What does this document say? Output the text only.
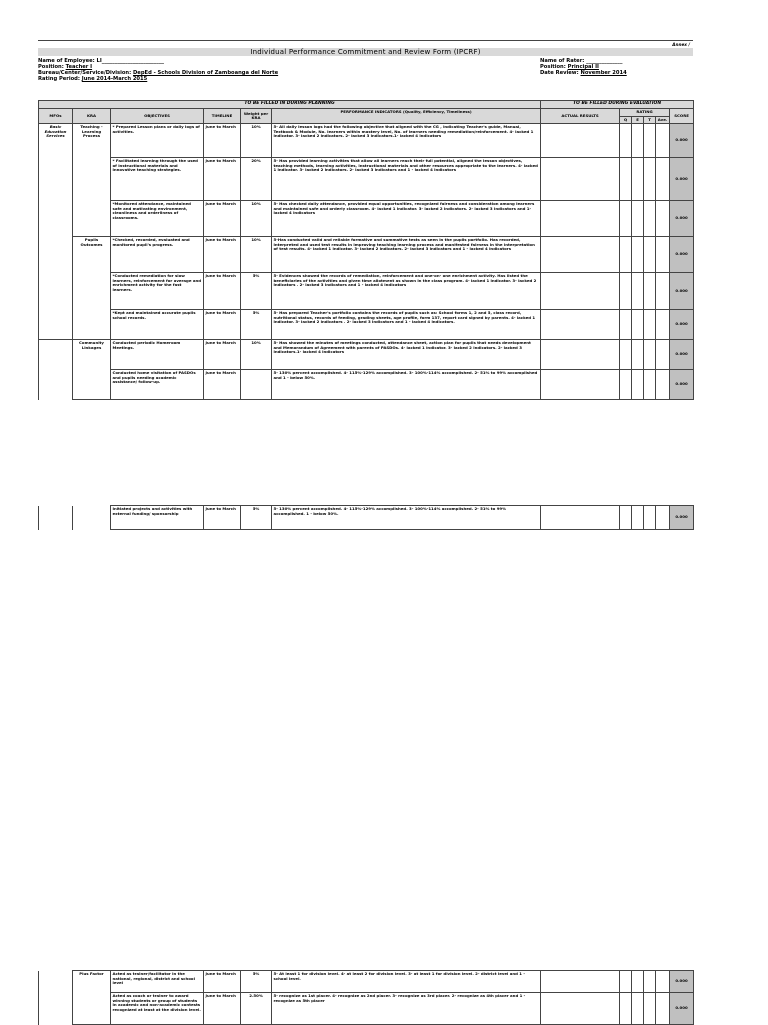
Annex /
Individual Performance Commitment and Review Form (IPCRF)
Name of Employee: LI________________________
Position: Teacher I
Bureau/Center/Service/Division: DepEd - Schools Division of Zamboanga del Norte
Rating Period: June 2014-March 2015
Name of Rater: ______________
Position: Principal II
Date Review: November 2014
TO BE FILLED IN DURING PLANNING						TO BE FILLED DURING EVALUATION					
MFOs	KRA	OBJECTIVES	TIMELINE	Weight per KRA	PERFORMANCE INDICATORS (Quality, Efficiency, Timeliness)	ACTUAL RESULTS	RATING				SCORE
							Q	E	T	Ave.	
Basic Education Services	Teaching -Learning Process	* Prepared Lesson plans or daily logs of activities.	June to March	10%	5- All daily lesson logs had the following objective that aligned with the CG , indicating Teacher's guide, Manual, Textbook & Module, No. learners within mastery level, No. of learners needing remediation/reinforcement. 4- lacked 1 indicator. 3- lacked 2 indicators. 2- lacked 3 indicators.1- lacked 4 indicators						0.000
		* Facilitated learning through the used of instructional materials and innovative teaching strategies.	June to March	20%	5- Has provided learning activities that allow all learners reach their full potential, aligned the lesson objectives, teaching methods, learning activities, instructional materials and other resources appropriate to the learners. 4- lacked 1 indicator. 3- lacked 2 indicators. 2- lacked 3 indicators and 1 - lacked 4 indicators						0.000
		*Monitored attendance, maintained safe and motivating environment, cleanliness and orderliness of classrooms.	June to March	10%	5- Has checked daily attendance, provided equal opportunities, recognized fairness and consideration among learners and maintained safe and orderly classroom. 4- lacked 1 indicator. 3- lacked 2 indicators. 2- lacked 3 indicators and 1- lacked 4 indicators						0.000
	Pupils Outcomes	*Checked, recorded, evaluated and monitored pupil's progress.	June to March	10%	5-Has conducted valid and reliable formative and summative tests as seen in the pupils portfolio. Has recorded, interpreted and used test results in improving teaching learning process and manifested fairness in the interpretation of test results. 4- lacked 1 indicator. 3- lacked 2 indicators. 2- lacked 3 indicators and 1 - lacked 4 indicators						0.000
		*Conducted remediation for slow learners, reinforcement for average and enrichment activity for the fast learners.	June to March	5%	5- Evidences showed the records of remediation, reinforcement and one-on- one enrichment activity. Has listed the beneficiaries of the activities and given time allotment as shown in the class program. 4- lacked 1 indicator. 3- lacked 2 indicators . 2- lacked 3 indicators and 1 - lacked 4 indicators						0.000
		*Kept and maintained accurate pupils school records.	June to March	5%	5- Has prepared Teacher's portfolio contains the records of pupils such as: School forms 1, 2 and 5, class record, nutritional status, records of feeding, grading sheets, age profile, form 137, report card signed by parents. 4- lacked 1 indicator. 3- lacked 2 indicators . 2- lacked 3 indicators and 1 - lacked 4 indicators.						0.000
	Community Linkages	Conducted periodic Homeroom Meetings.	June to March	10%	5- Has showed the minutes of meetings conducted, attendance sheet, action plan for pupils that needs development and Memorandum of Agreement with parents of PASDOs. 4- lacked 1 indicator. 3- lacked 2 indicators. 2- lacked 3 indicators.1- lacked 4 indicators						0.000
		Conducted home visitation of PASDOs and pupils needing academic assistance/ follow-up.	June to March		5- 130% percent accomplished. 4- 115%-129% accomplished. 3- 100%-114% accomplished. 2- 51% to 99% accomplished and 1 - below 50%.						0.000
		Initiated projects and activities with external funding/ sponsorship	June to March	5%	5- 130% percent accomplished. 4- 115%-129% accomplished. 3- 100%-114% accomplished. 2- 51% to 99% accomplished. 1 - below 50%.						0.000
	Plus Factor	Acted as trainer/facilitator in the national, regional, district and school level	June to March	5%	5- At least 1 for division level. 4- at least 2 for division level. 3- at least 1 for division level. 2- district level and 1 - school level.						0.000
		Acted as coach or trainer to award winning students or group of students in academic and non-academic contests recognized at least at the division level.	June to March	2.50%	5- recognize as 1st placer. 4- recognize as 2nd placer. 3- recognize as 3rd placer. 2- recognize as 4th placer and 1 - recognize as 5th placer						0.000
